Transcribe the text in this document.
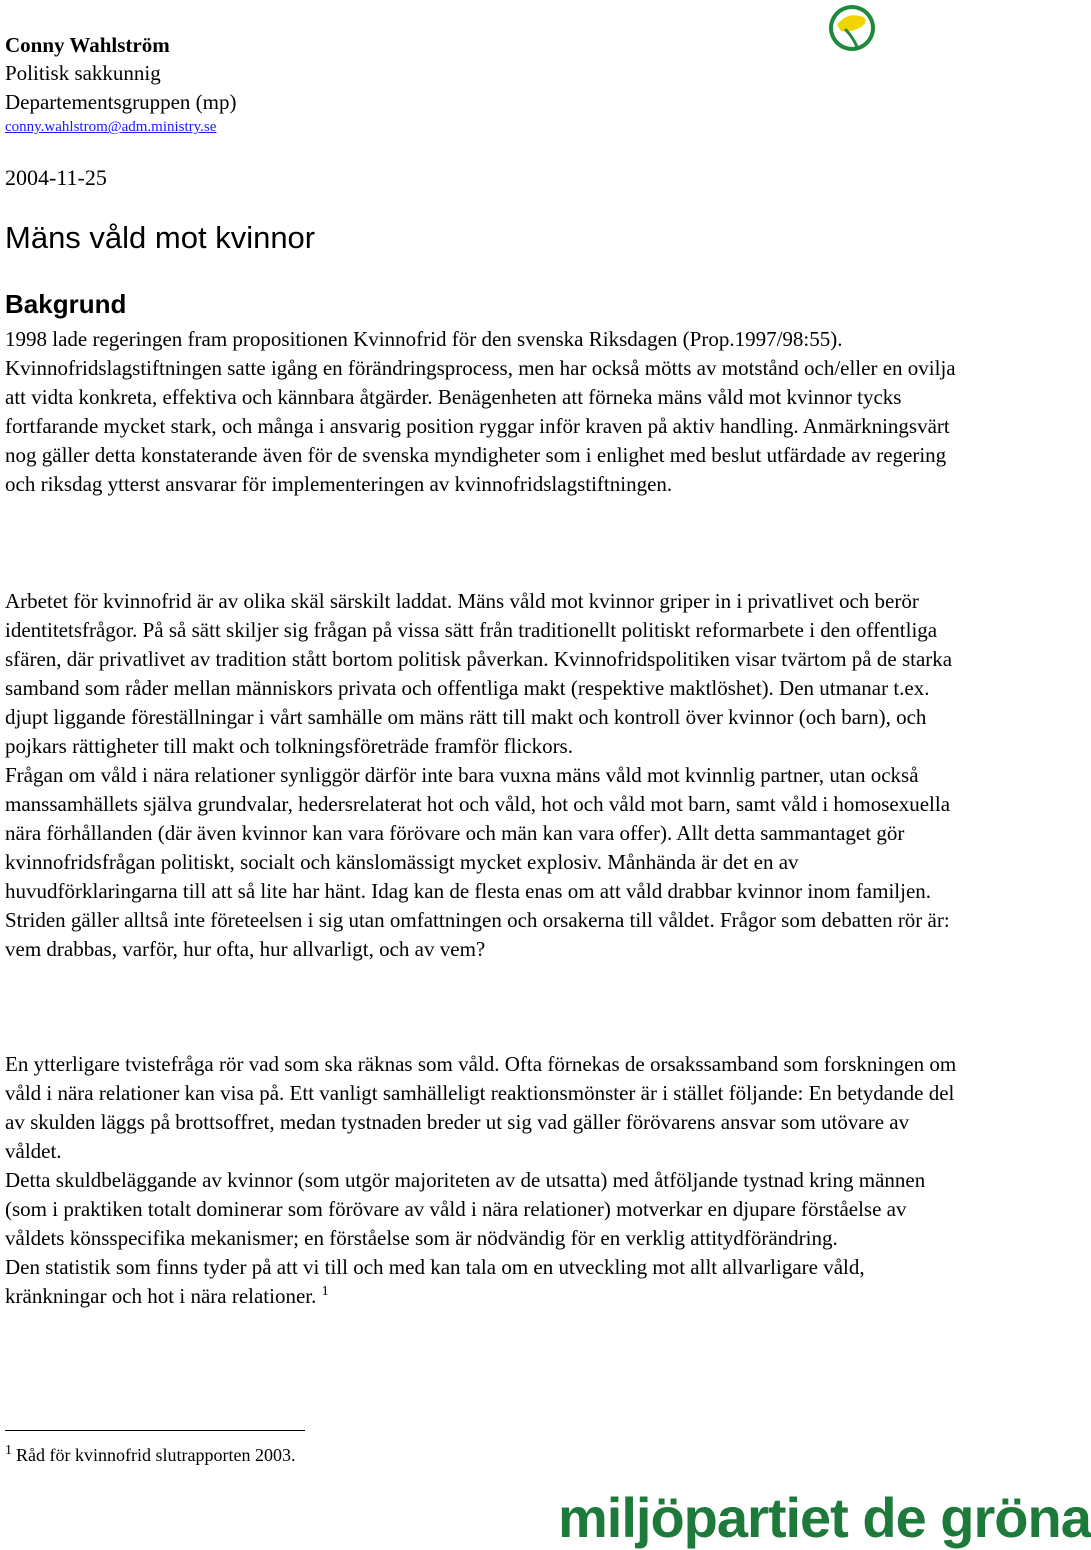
Conny Wahlström
Politisk sakkunnig
Departementsgruppen (mp)
conny.wahlstrom@adm.ministry.se
2004-11-25
Mäns våld mot kvinnor
Bakgrund

1998 lade regeringen fram propositionen Kvinnofrid för den svenska Riksdagen (Prop.1997/98:55). Kvinnofridslagstiftningen satte igång en förändringsprocess, men har också mötts av motstånd och/eller en ovilja att vidta konkreta, effektiva och kännbara åtgärder. Benägenheten att förneka mäns våld mot kvinnor tycks fortfarande mycket stark, och många i ansvarig position ryggar inför kraven på aktiv handling. Anmärkningsvärt nog gäller detta konstaterande även för de svenska myndigheter som i enlighet med beslut utfärdade av regering och riksdag ytterst ansvarar för implementeringen av kvinnofridslagstiftningen.

Arbetet för kvinnofrid är av olika skäl särskilt laddat. Mäns våld mot kvinnor griper in i privatlivet och berör identitetsfrågor. På så sätt skiljer sig frågan på vissa sätt från traditionellt politiskt reformarbete i den offentliga sfären, där privatlivet av tradition stått bortom politisk påverkan. Kvinnofridspolitiken visar tvärtom på de starka samband som råder mellan människors privata och offentliga makt (respektive maktlöshet). Den utmanar t.ex. djupt liggande föreställningar i vårt samhälle om mäns rätt till makt och kontroll över kvinnor (och barn), och pojkars rättigheter till makt och tolkningsföreträde framför flickors.

Frågan om våld i nära relationer synliggör därför inte bara vuxna mäns våld mot kvinnlig partner, utan också manssamhällets själva grundvalar, hedersrelaterat hot och våld, hot och våld mot barn, samt våld i homosexuella nära förhållanden (där även kvinnor kan vara förövare och män kan vara offer). Allt detta sammantaget gör kvinnofridsfrågan politiskt, socialt och känslomässigt mycket explosiv. Månhända är det en av huvudförklaringarna till att så lite har hänt. Idag kan de flesta enas om att våld drabbar kvinnor inom familjen. Striden gäller alltså inte företeelsen i sig utan omfattningen och orsakerna till våldet. Frågor som debatten rör är: vem drabbas, varför, hur ofta, hur allvarligt, och av vem?

En ytterligare tvistefråga rör vad som ska räknas som våld. Ofta förnekas de orsakssamband som forskningen om våld i nära relationer kan visa på. Ett vanligt samhälleligt reaktionsmönster är i stället följande: En betydande del av skulden läggs på brottsoffret, medan tystnaden breder ut sig vad gäller förövarens ansvar som utövare av våldet.

Detta skuldbeläggande av kvinnor (som utgör majoriteten av de utsatta) med åtföljande tystnad kring männen (som i praktiken totalt dominerar som förövare av våld i nära relationer) motverkar en djupare förståelse av våldets könsspecifika mekanismer; en förståelse som är nödvändig för en verklig attitydförändring.

Den statistik som finns tyder på att vi till och med kan tala om en utveckling mot allt allvarligare våld, kränkningar och hot i nära relationer. $^1$

$^1$ Råd för kvinnofrid slutrapporten 2003.
miljöpartiet de gröna
